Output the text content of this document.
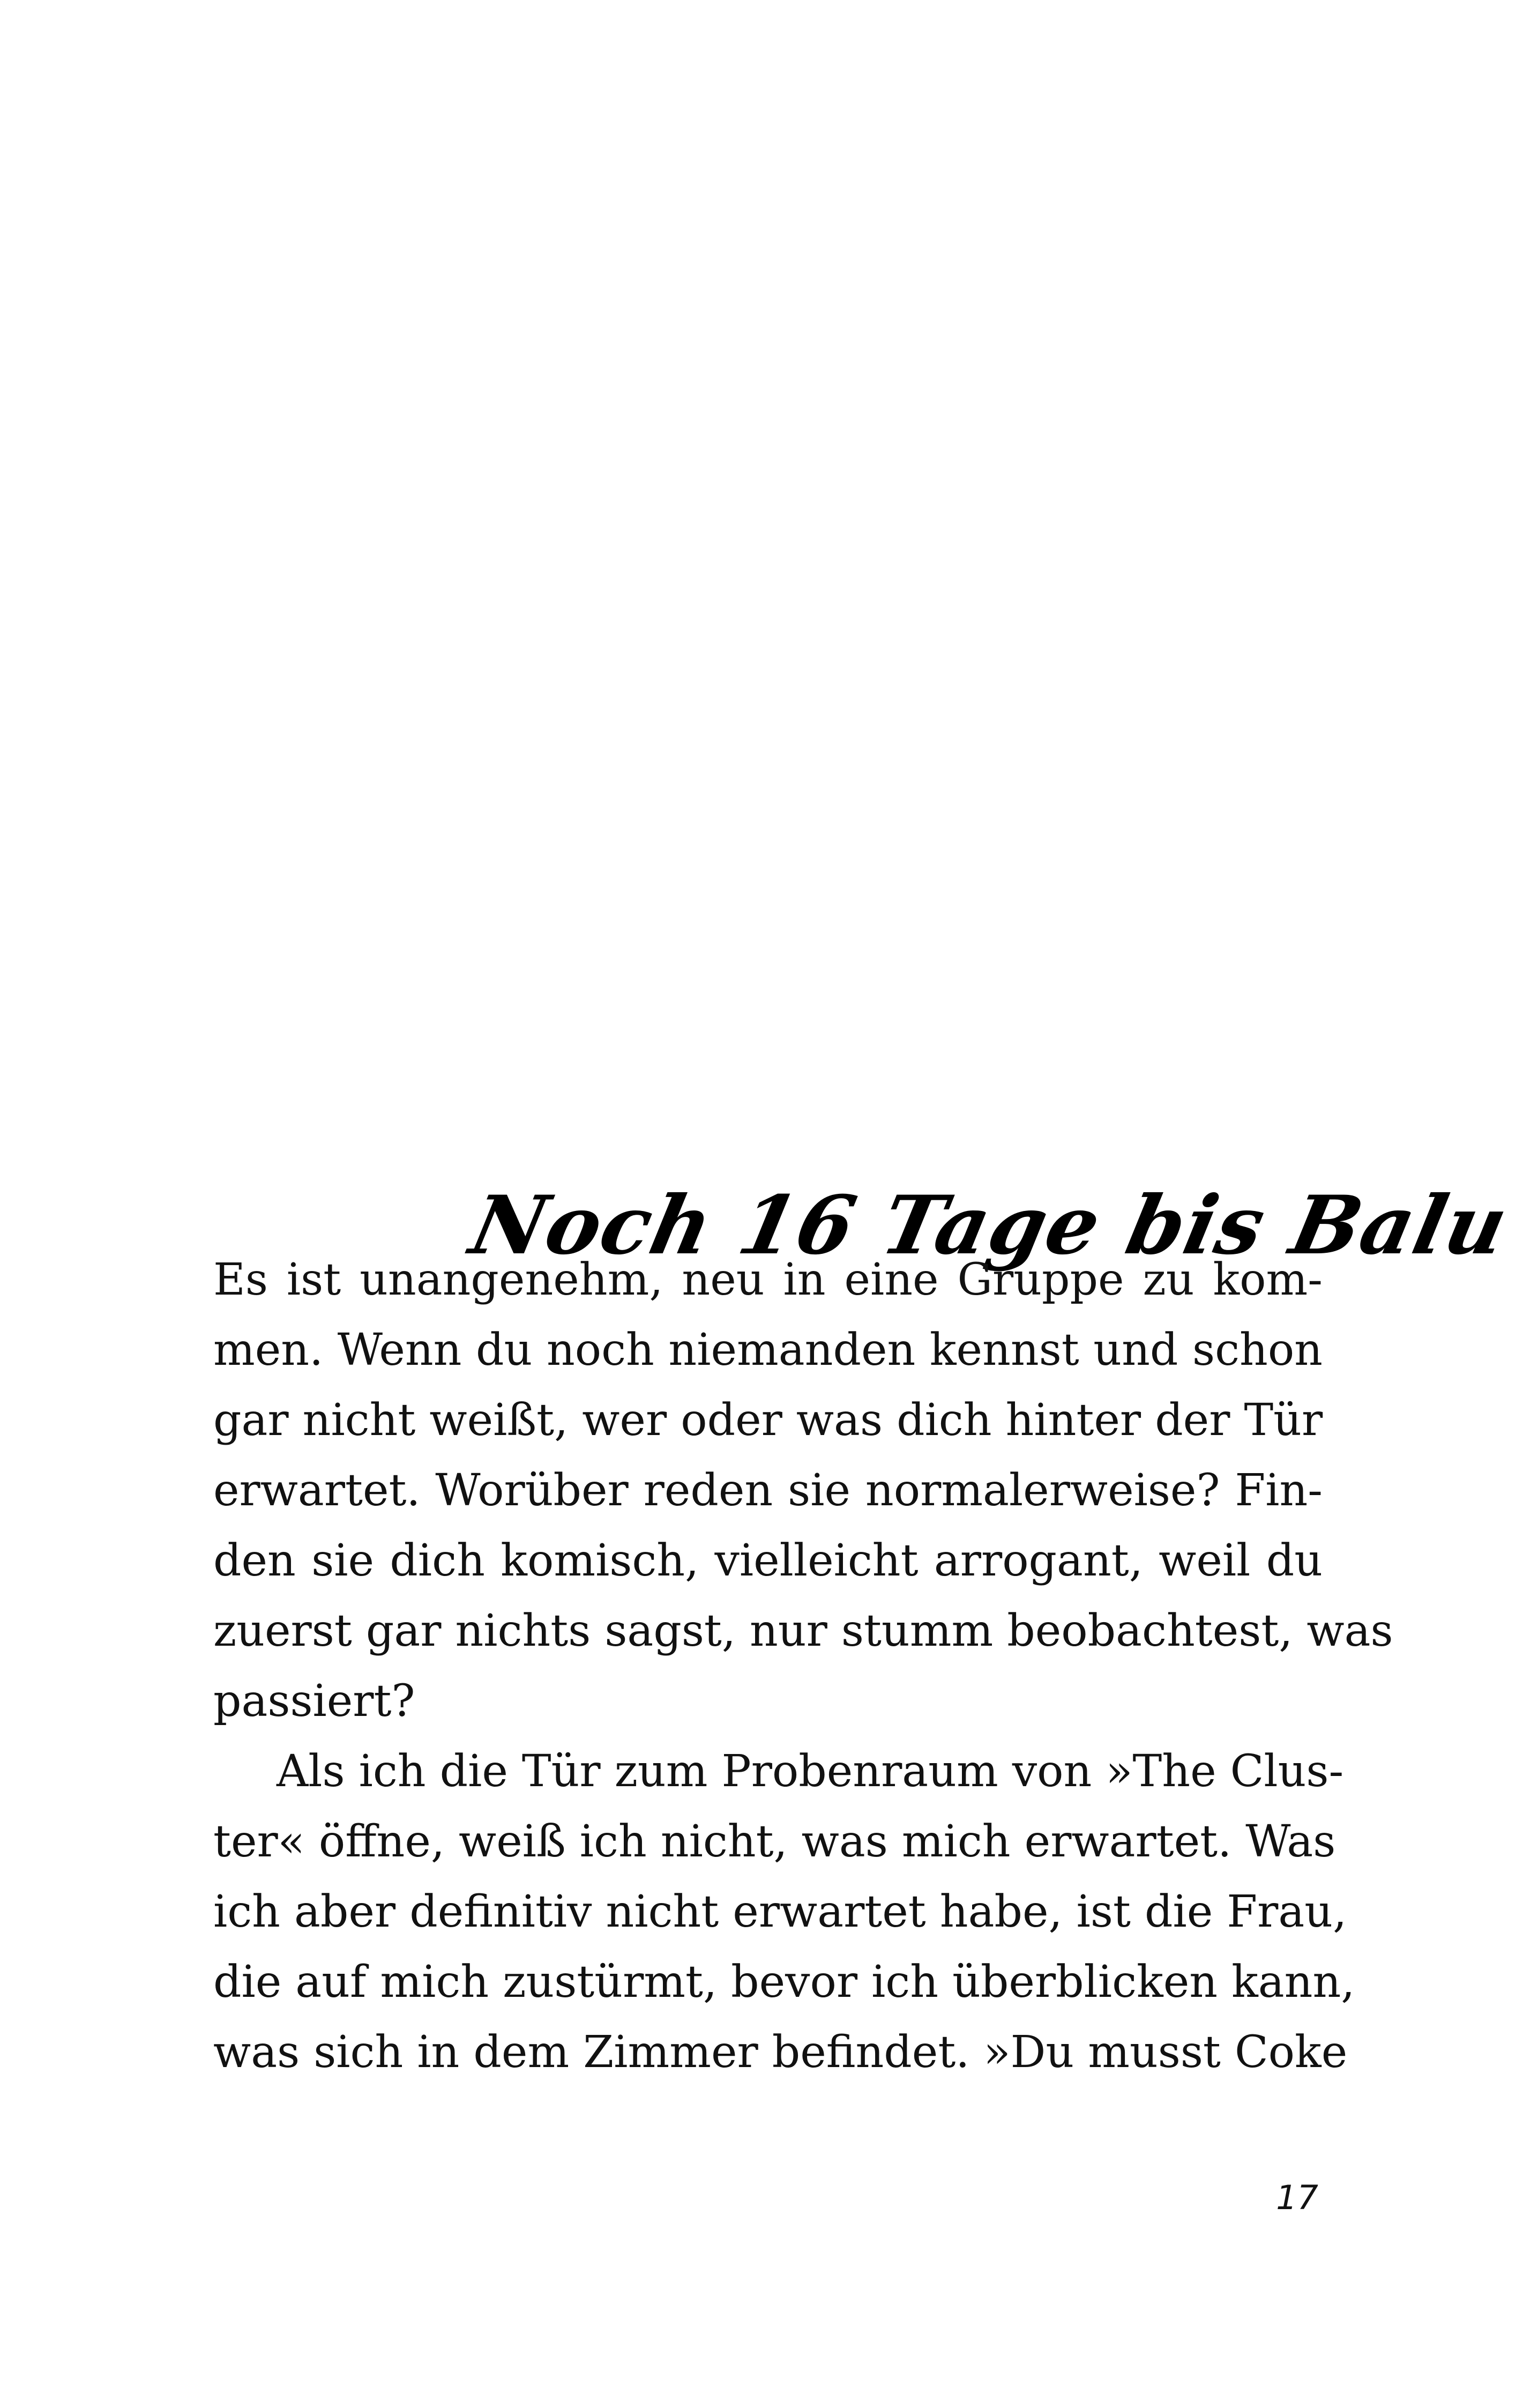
Noch 16 Tage bis Balu
Es ist unangenehm, neu in eine Gruppe zu kom-
men. Wenn du noch niemanden kennst und schon
gar nicht weißt, wer oder was dich hinter der Tür
erwartet. Worüber reden sie normalerweise? Fin-
den sie dich komisch, vielleicht arrogant, weil du
zuerst gar nichts sagst, nur stumm beobachtest, was
passiert?
Als ich die Tür zum Probenraum von »The Clus-
ter« öffne, weiß ich nicht, was mich erwartet. Was
ich aber definitiv nicht erwartet habe, ist die Frau,
die auf mich zustürmt, bevor ich überblicken kann,
was sich in dem Zimmer befindet. »Du musst Coke
17
